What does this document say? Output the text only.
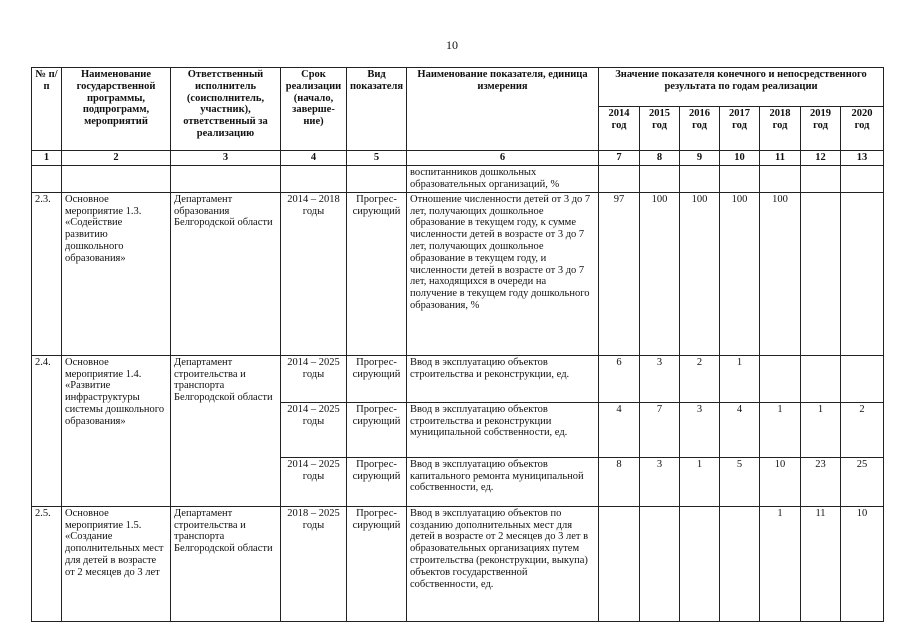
10
№ п/п	Наименование государственной программы, подпрограмм, мероприятий	Ответственный исполнитель (соисполнитель, участник), ответственный за реализацию	Срок реализации (начало, заверше- ние)	Вид показателя	Наименование показателя, единица измерения	Значение показателя конечного и непосредственного результата по годам реализации						
						2014 год	2015 год	2016 год	2017 год	2018 год	2019 год	2020 год
1	2	3	4	5	6	7	8	9	10	11	12	13
					воспитанников дошкольных образовательных организаций, %							
2.3.	Основное мероприятие 1.3. «Содействие развитию дошкольного образования»	Департамент образования Белгородской области	2014 – 2018 годы	Прогрес- сирующий	Отношение численности детей от 3 до 7 лет, получающих дошкольное образование в текущем году, к сумме численности детей в возрасте от 3 до 7 лет, получающих дошкольное образование в текущем году, и численности детей в возрасте от 3 до 7 лет, находящихся в очереди на получение в текущем году дошкольного образования, %	97	100	100	100	100		
2.4.	Основное мероприятие 1.4. «Развитие инфраструктуры системы дошкольного образования»	Департамент строительства и транспорта Белгородской области	2014 – 2025 годы	Прогрес- сирующий	Ввод в эксплуатацию объектов строительства и реконструкции, ед.	6	3	2	1			
			2014 – 2025 годы	Прогрес- сирующий	Ввод в эксплуатацию объектов строительства и реконструкции муниципальной собственности, ед.	4	7	3	4	1	1	2
			2014 – 2025 годы	Прогрес- сирующий	Ввод в эксплуатацию объектов капитального ремонта муниципальной собственности, ед.	8	3	1	5	10	23	25
2.5.	Основное мероприятие 1.5. «Создание дополнительных мест для детей в возрасте от 2 месяцев до 3 лет	Департамент строительства и транспорта Белгородской области	2018 – 2025 годы	Прогрес- сирующий	Ввод в эксплуатацию объектов по созданию дополнительных мест для детей в возрасте от 2 месяцев до 3 лет в образовательных организациях путем строительства (реконструкции, выкупа) объектов государственной собственности, ед.					1	11	10
